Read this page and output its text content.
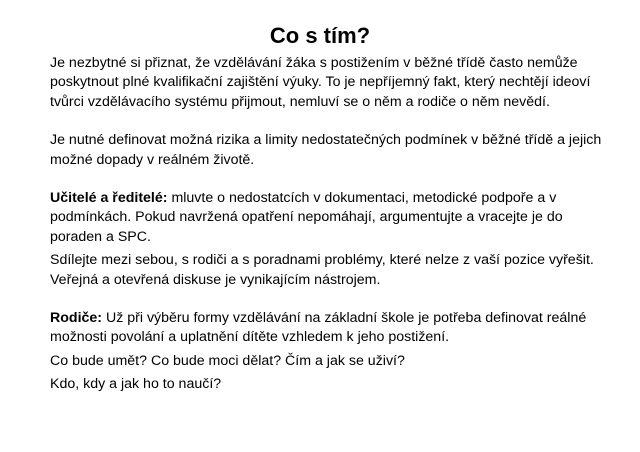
Co s tím?

Je nezbytné si přiznat, že vzdělávání žáka s postižením v běžné třídě často nemůže poskytnout plné kvalifikační zajištění výuky. To je nepříjemný fakt, který nechtějí ideoví tvůrci vzdělávacího systému přijmout, nemluví se o něm a rodiče o něm nevědí.

Je nutné definovat možná rizika a limity nedostatečných podmínek v běžné třídě a jejich možné dopady v reálném životě.

Učitelé a ředitelé: mluvte o nedostatcích v dokumentaci, metodické podpoře a v podmínkách. Pokud navržená opatření nepomáhají, argumentujte a vracejte je do poraden a SPC.

Sdílejte mezi sebou, s rodiči a s poradnami problémy, které nelze z vaší pozice vyřešit. Veřejná a otevřená diskuse je vynikajícím nástrojem.

Rodiče: Už při výběru formy vzdělávání na základní škole je potřeba definovat reálné možnosti povolání a uplatnění dítěte vzhledem k jeho postižení.

Co bude umět? Co bude moci dělat? Čím a jak se uživí?

Kdo, kdy a jak ho to naučí?
